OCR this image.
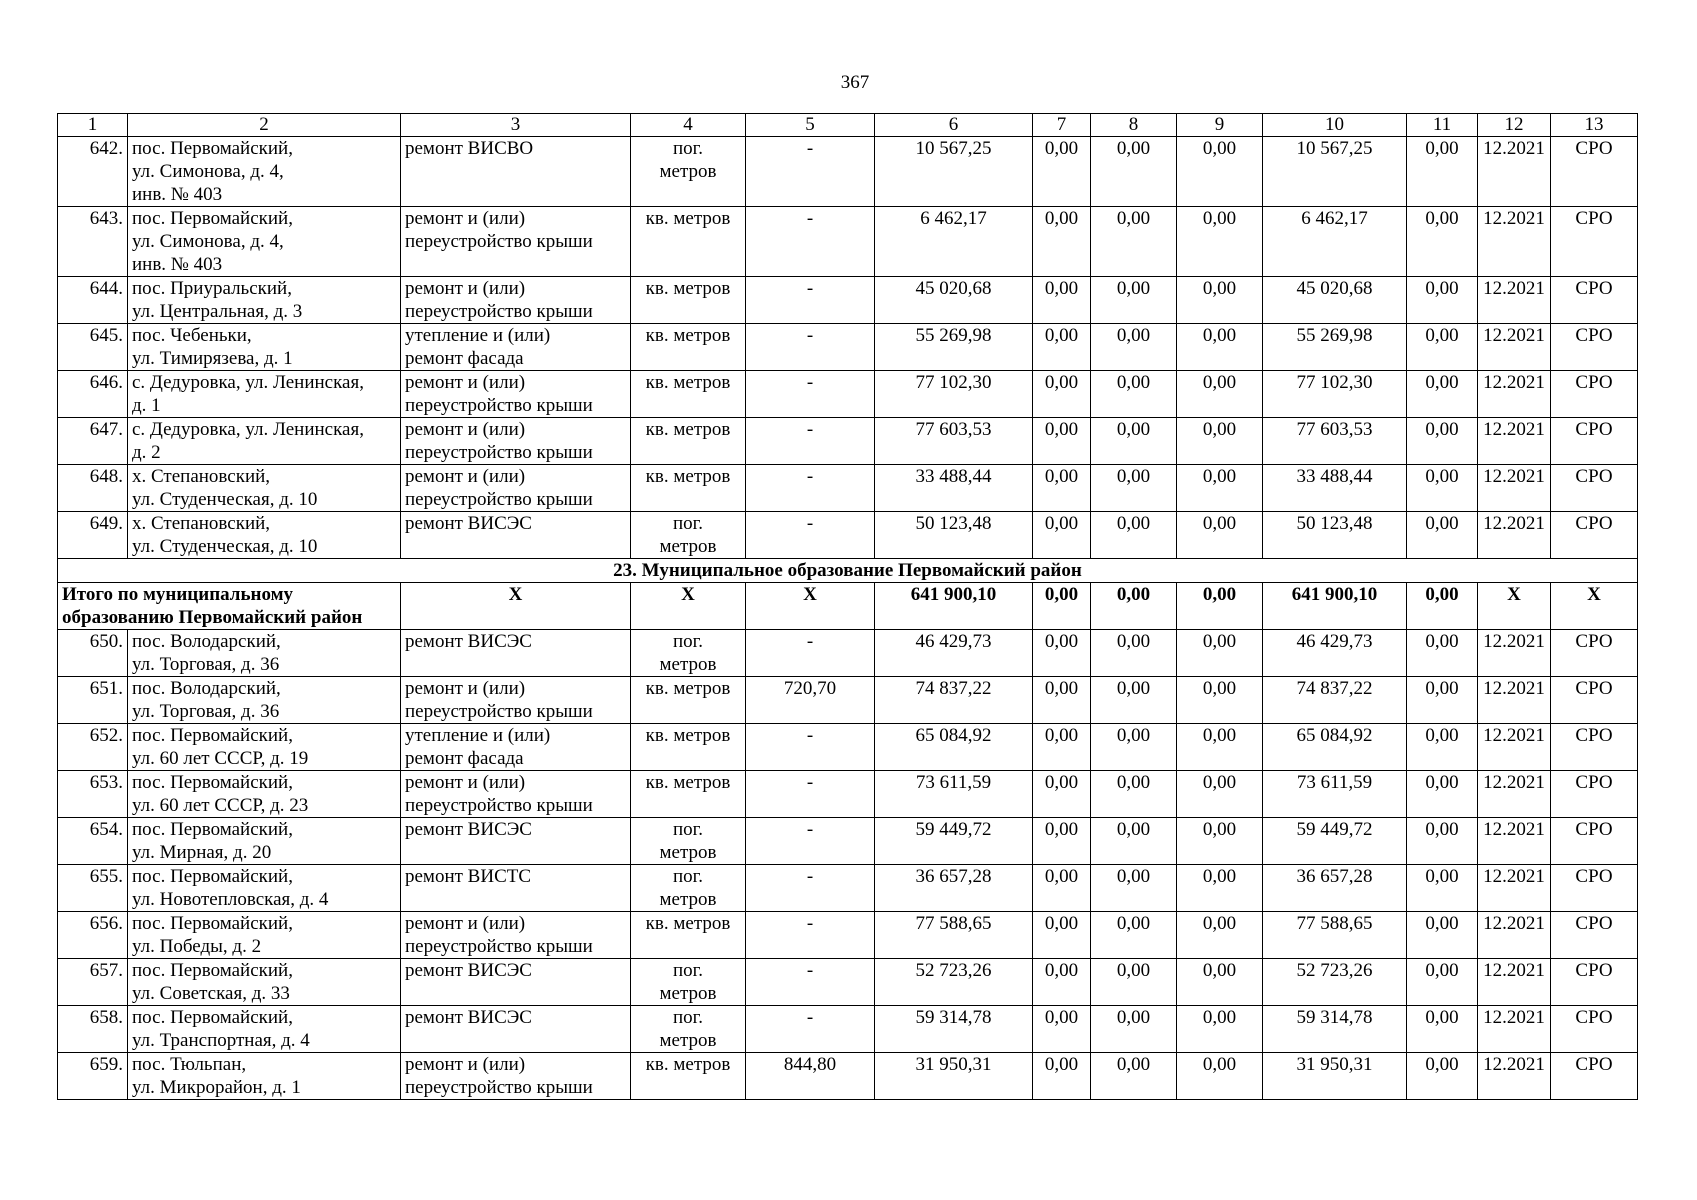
367
1	2	3	4	5	6	7	8	9	10	11	12	13
642.	пос. Первомайский,
ул. Симонова, д. 4,
инв. № 403	ремонт ВИСВО	пог.
метров	-	10 567,25	0,00	0,00	0,00	10 567,25	0,00	12.2021	СРО
643.	пос. Первомайский,
ул. Симонова, д. 4,
инв. № 403	ремонт и (или)
переустройство крыши	кв. метров	-	6 462,17	0,00	0,00	0,00	6 462,17	0,00	12.2021	СРО
644.	пос. Приуральский,
ул. Центральная, д. 3	ремонт и (или)
переустройство крыши	кв. метров	-	45 020,68	0,00	0,00	0,00	45 020,68	0,00	12.2021	СРО
645.	пос. Чебеньки,
ул. Тимирязева, д. 1	утепление и (или)
ремонт фасада	кв. метров	-	55 269,98	0,00	0,00	0,00	55 269,98	0,00	12.2021	СРО
646.	с. Дедуровка, ул. Ленинская,
д. 1	ремонт и (или)
переустройство крыши	кв. метров	-	77 102,30	0,00	0,00	0,00	77 102,30	0,00	12.2021	СРО
647.	с. Дедуровка, ул. Ленинская,
д. 2	ремонт и (или)
переустройство крыши	кв. метров	-	77 603,53	0,00	0,00	0,00	77 603,53	0,00	12.2021	СРО
648.	х. Степановский,
ул. Студенческая, д. 10	ремонт и (или)
переустройство крыши	кв. метров	-	33 488,44	0,00	0,00	0,00	33 488,44	0,00	12.2021	СРО
649.	х. Степановский,
ул. Студенческая, д. 10	ремонт ВИСЭС	пог.
метров	-	50 123,48	0,00	0,00	0,00	50 123,48	0,00	12.2021	СРО
23. Муниципальное образование Первомайский район												

Итого по муниципальному
образованию Первомайский район		X	X	X	641 900,10	0,00	0,00	0,00	641 900,10	0,00	X	X
650.	пос. Володарский,
ул. Торговая, д. 36	ремонт ВИСЭС	пог.
метров	-	46 429,73	0,00	0,00	0,00	46 429,73	0,00	12.2021	СРО
651.	пос. Володарский,
ул. Торговая, д. 36	ремонт и (или)
переустройство крыши	кв. метров	720,70	74 837,22	0,00	0,00	0,00	74 837,22	0,00	12.2021	СРО
652.	пос. Первомайский,
ул. 60 лет СССР, д. 19	утепление и (или)
ремонт фасада	кв. метров	-	65 084,92	0,00	0,00	0,00	65 084,92	0,00	12.2021	СРО
653.	пос. Первомайский,
ул. 60 лет СССР, д. 23	ремонт и (или)
переустройство крыши	кв. метров	-	73 611,59	0,00	0,00	0,00	73 611,59	0,00	12.2021	СРО
654.	пос. Первомайский,
ул. Мирная, д. 20	ремонт ВИСЭС	пог.
метров	-	59 449,72	0,00	0,00	0,00	59 449,72	0,00	12.2021	СРО
655.	пос. Первомайский,
ул. Новотепловская, д. 4	ремонт ВИСТС	пог.
метров	-	36 657,28	0,00	0,00	0,00	36 657,28	0,00	12.2021	СРО
656.	пос. Первомайский,
ул. Победы, д. 2	ремонт и (или)
переустройство крыши	кв. метров	-	77 588,65	0,00	0,00	0,00	77 588,65	0,00	12.2021	СРО
657.	пос. Первомайский,
ул. Советская, д. 33	ремонт ВИСЭС	пог.
метров	-	52 723,26	0,00	0,00	0,00	52 723,26	0,00	12.2021	СРО
658.	пос. Первомайский,
ул. Транспортная, д. 4	ремонт ВИСЭС	пог.
метров	-	59 314,78	0,00	0,00	0,00	59 314,78	0,00	12.2021	СРО
659.	пос. Тюльпан,
ул. Микрорайон, д. 1	ремонт и (или)
переустройство крыши	кв. метров	844,80	31 950,31	0,00	0,00	0,00	31 950,31	0,00	12.2021	СРО
